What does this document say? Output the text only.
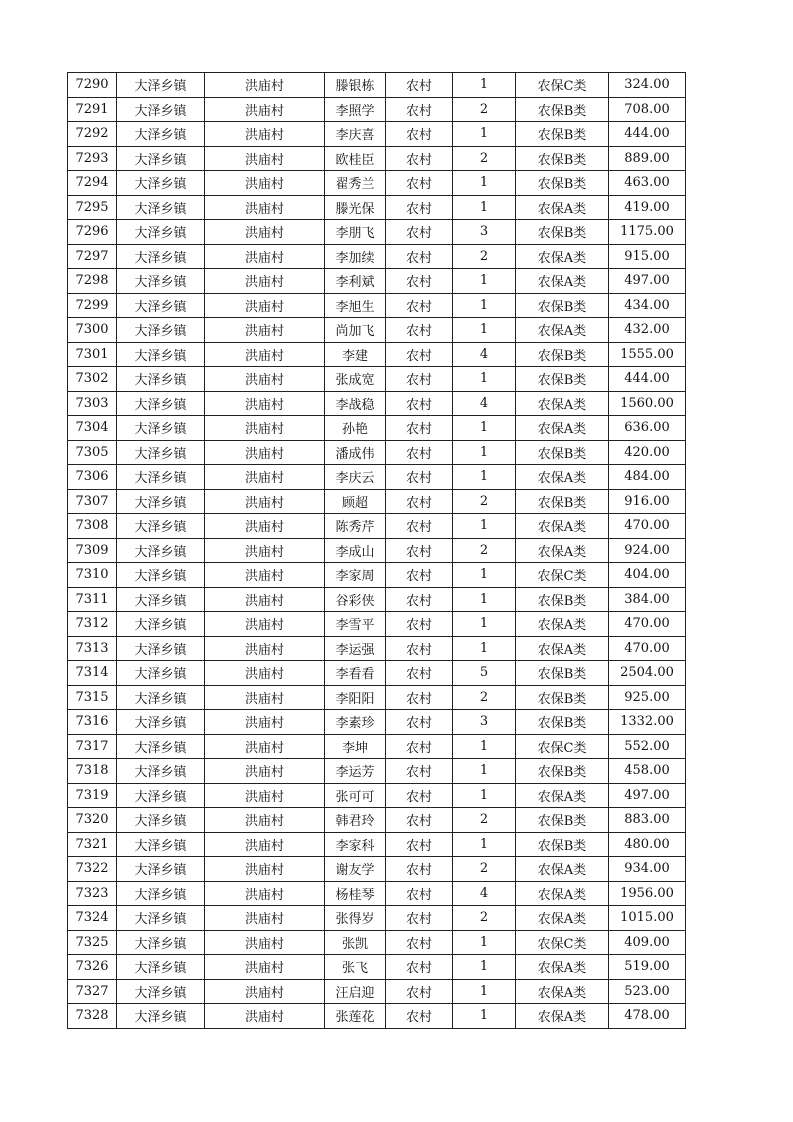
7290	大泽乡镇	洪庙村	滕银栋	农村	1	农保C类	324.00
7291	大泽乡镇	洪庙村	李照学	农村	2	农保B类	708.00
7292	大泽乡镇	洪庙村	李庆喜	农村	1	农保B类	444.00
7293	大泽乡镇	洪庙村	欧桂臣	农村	2	农保B类	889.00
7294	大泽乡镇	洪庙村	翟秀兰	农村	1	农保B类	463.00
7295	大泽乡镇	洪庙村	滕光保	农村	1	农保A类	419.00
7296	大泽乡镇	洪庙村	李朋飞	农村	3	农保B类	1175.00
7297	大泽乡镇	洪庙村	李加续	农村	2	农保A类	915.00
7298	大泽乡镇	洪庙村	李利斌	农村	1	农保A类	497.00
7299	大泽乡镇	洪庙村	李旭生	农村	1	农保B类	434.00
7300	大泽乡镇	洪庙村	尚加飞	农村	1	农保A类	432.00
7301	大泽乡镇	洪庙村	李建	农村	4	农保B类	1555.00
7302	大泽乡镇	洪庙村	张成宽	农村	1	农保B类	444.00
7303	大泽乡镇	洪庙村	李战稳	农村	4	农保A类	1560.00
7304	大泽乡镇	洪庙村	孙艳	农村	1	农保A类	636.00
7305	大泽乡镇	洪庙村	潘成伟	农村	1	农保B类	420.00
7306	大泽乡镇	洪庙村	李庆云	农村	1	农保A类	484.00
7307	大泽乡镇	洪庙村	顾超	农村	2	农保B类	916.00
7308	大泽乡镇	洪庙村	陈秀芹	农村	1	农保A类	470.00
7309	大泽乡镇	洪庙村	李成山	农村	2	农保A类	924.00
7310	大泽乡镇	洪庙村	李家周	农村	1	农保C类	404.00
7311	大泽乡镇	洪庙村	谷彩侠	农村	1	农保B类	384.00
7312	大泽乡镇	洪庙村	李雪平	农村	1	农保A类	470.00
7313	大泽乡镇	洪庙村	李运强	农村	1	农保A类	470.00
7314	大泽乡镇	洪庙村	李看看	农村	5	农保B类	2504.00
7315	大泽乡镇	洪庙村	李阳阳	农村	2	农保B类	925.00
7316	大泽乡镇	洪庙村	李素珍	农村	3	农保B类	1332.00
7317	大泽乡镇	洪庙村	李坤	农村	1	农保C类	552.00
7318	大泽乡镇	洪庙村	李运芳	农村	1	农保B类	458.00
7319	大泽乡镇	洪庙村	张可可	农村	1	农保A类	497.00
7320	大泽乡镇	洪庙村	韩君玲	农村	2	农保B类	883.00
7321	大泽乡镇	洪庙村	李家科	农村	1	农保B类	480.00
7322	大泽乡镇	洪庙村	谢友学	农村	2	农保A类	934.00
7323	大泽乡镇	洪庙村	杨桂琴	农村	4	农保A类	1956.00
7324	大泽乡镇	洪庙村	张得岁	农村	2	农保A类	1015.00
7325	大泽乡镇	洪庙村	张凯	农村	1	农保C类	409.00
7326	大泽乡镇	洪庙村	张飞	农村	1	农保A类	519.00
7327	大泽乡镇	洪庙村	汪启迎	农村	1	农保A类	523.00
7328	大泽乡镇	洪庙村	张莲花	农村	1	农保A类	478.00
